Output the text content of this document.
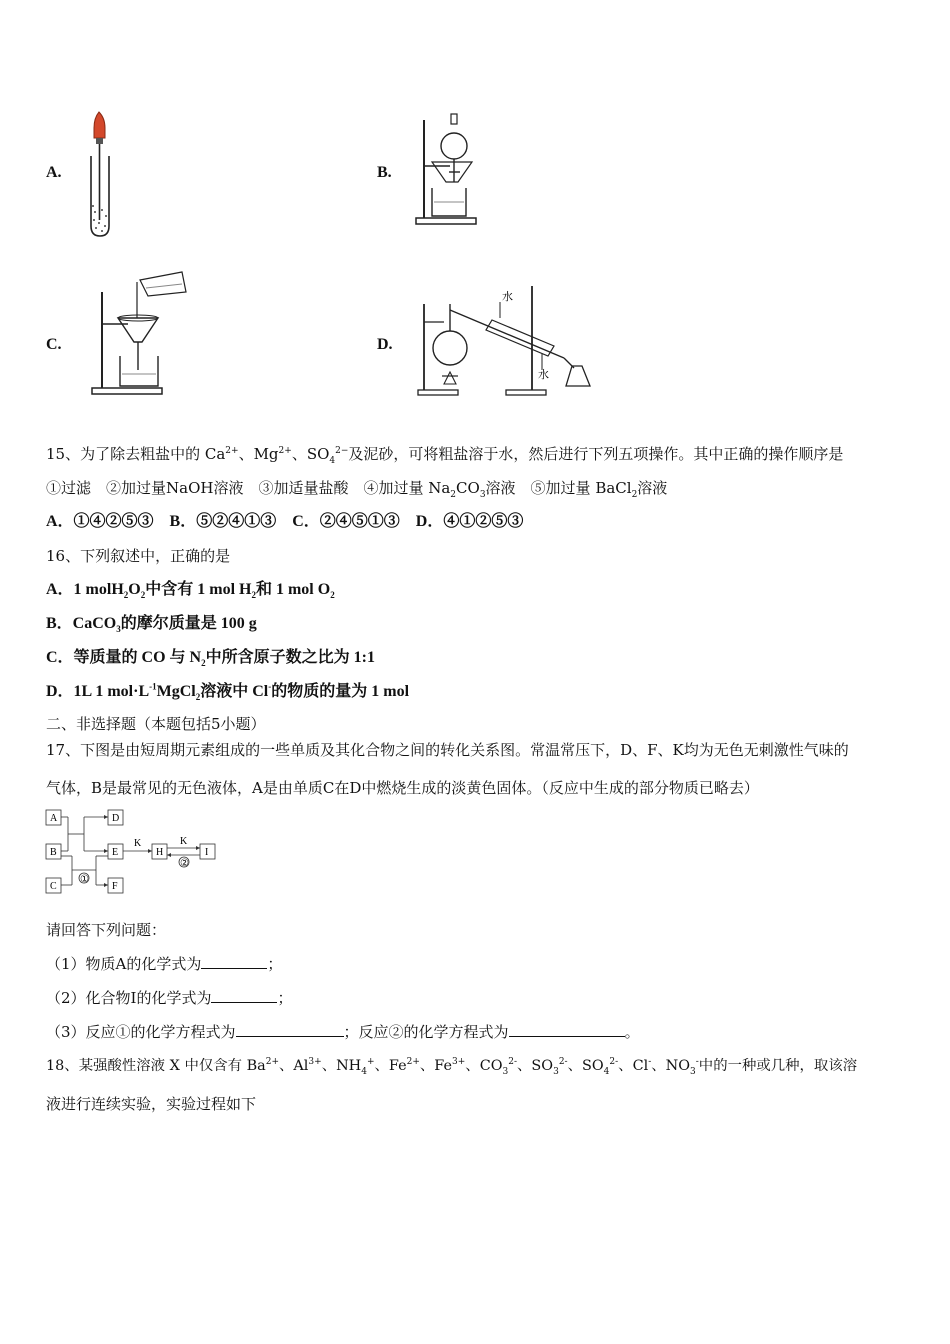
A.	B.
C.	D.
水
水
15、为了除去粗盐中的 $Ca^{2+}$、$Mg^{2+}$、$SO_4^{2-}$及泥砂，可将粗盐溶于水，然后进行下列五项操作。其中正确的操作顺序是
①过滤　②加过量NaOH溶液　③加适量盐酸　④加过量 $Na_2CO_3$溶液　⑤加过量 BaCl$_2$溶液
A．①④②⑤③　B．⑤②④①③　C．②④⑤①③　D．④①②⑤③
16、下列叙述中，正确的是
A．1 $molH_2O_2$中含有 1 mol $H_2$和 1 mol $O_2$
B．CaCO$_3$的摩尔质量是 100 g
C．等质量的 CO 与 $N_2$中所含原子数之比为 1:1
D．1L 1 $mol\cdot L^{-1}MgCl_2$溶液中 Cl-的物质的量为 1 mol
二、非选择题（本题包括5小题）
17、下图是由短周期元素组成的一些单质及其化合物之间的转化关系图。常温常压下，D、F、K均为无色无刺激性气味的
气体，B是最常见的无色液体，A是由单质C在D中燃烧生成的淡黄色固体。（反应中生成的部分物质已略去）
A
B
C
D
E
F
H	I
K	K
①
②
请回答下列问题：
（1）物质A的化学式为	；
（2）化合物I的化学式为	；
（3）反应①的化学方程式为	；反应②的化学方程式为	。
18、某强酸性溶液 X 中仅含有 $Ba^{2+}$、$Al^{3+}$、$NH_4^+$、$Fe^{2+}$、$Fe^{3+}$、$CO_3^{2-}$、$SO_3^{2-}$、$SO_4^{2-}$、Cl-、$NO_3^-$中的一种或几种，取该溶
液进行连续实验，实验过程如下
